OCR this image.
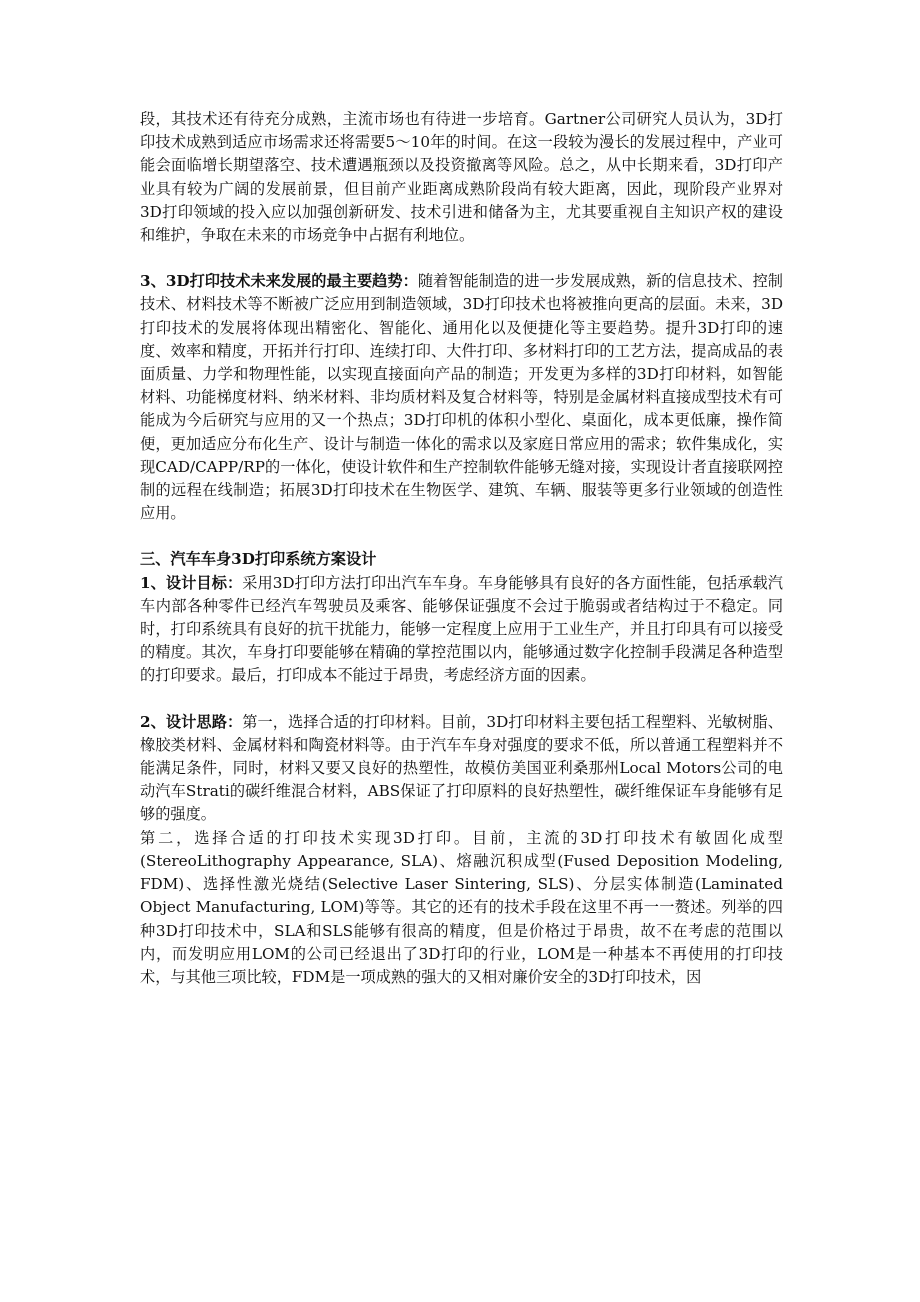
段，其技术还有待充分成熟，主流市场也有待进一步培育。Gartner公司研究人员认为，3D打印技术成熟到适应市场需求还将需要5～10年的时间。在这一段较为漫长的发展过程中，产业可能会面临增长期望落空、技术遭遇瓶颈以及投资撤离等风险。总之，从中长期来看，3D打印产业具有较为广阔的发展前景，但目前产业距离成熟阶段尚有较大距离，因此，现阶段产业界对3D打印领域的投入应以加强创新研发、技术引进和储备为主，尤其要重视自主知识产权的建设和维护，争取在未来的市场竞争中占据有利地位。

3、3D打印技术未来发展的最主要趋势：随着智能制造的进一步发展成熟，新的信息技术、控制技术、材料技术等不断被广泛应用到制造领域，3D打印技术也将被推向更高的层面。未来，3D打印技术的发展将体现出精密化、智能化、通用化以及便捷化等主要趋势。提升3D打印的速度、效率和精度，开拓并行打印、连续打印、大件打印、多材料打印的工艺方法，提高成品的表面质量、力学和物理性能，以实现直接面向产品的制造；开发更为多样的3D打印材料，如智能材料、功能梯度材料、纳米材料、非均质材料及复合材料等，特别是金属材料直接成型技术有可能成为今后研究与应用的又一个热点；3D打印机的体积小型化、桌面化，成本更低廉，操作简便，更加适应分布化生产、设计与制造一体化的需求以及家庭日常应用的需求；软件集成化，实现CAD/CAPP/RP的一体化，使设计软件和生产控制软件能够无缝对接，实现设计者直接联网控制的远程在线制造；拓展3D打印技术在生物医学、建筑、车辆、服装等更多行业领域的创造性应用。

三、汽车车身3D打印系统方案设计

1、设计目标：采用3D打印方法打印出汽车车身。车身能够具有良好的各方面性能，包括承载汽车内部各种零件已经汽车驾驶员及乘客、能够保证强度不会过于脆弱或者结构过于不稳定。同时，打印系统具有良好的抗干扰能力，能够一定程度上应用于工业生产，并且打印具有可以接受的精度。其次，车身打印要能够在精确的掌控范围以内，能够通过数字化控制手段满足各种造型的打印要求。最后，打印成本不能过于昂贵，考虑经济方面的因素。

2、设计思路：第一，选择合适的打印材料。目前，3D打印材料主要包括工程塑料、光敏树脂、橡胶类材料、金属材料和陶瓷材料等。由于汽车车身对强度的要求不低，所以普通工程塑料并不能满足条件，同时，材料又要又良好的热塑性，故模仿美国亚利桑那州Local Motors公司的电动汽车Strati的碳纤维混合材料，ABS保证了打印原料的良好热塑性，碳纤维保证车身能够有足够的强度。

第二，选择合适的打印技术实现3D打印。目前，主流的3D打印技术有敏固化成型(StereoLithography Appearance, SLA)、熔融沉积成型(Fused Deposition Modeling, FDM)、选择性激光烧结(Selective Laser Sintering, SLS)、分层实体制造(Laminated Object Manufacturing, LOM)等等。其它的还有的技术手段在这里不再一一赘述。列举的四种3D打印技术中，SLA和SLS能够有很高的精度，但是价格过于昂贵，故不在考虑的范围以内，而发明应用LOM的公司已经退出了3D打印的行业，LOM是一种基本不再使用的打印技术，与其他三项比较，FDM是一项成熟的强大的又相对廉价安全的3D打印技术，因
